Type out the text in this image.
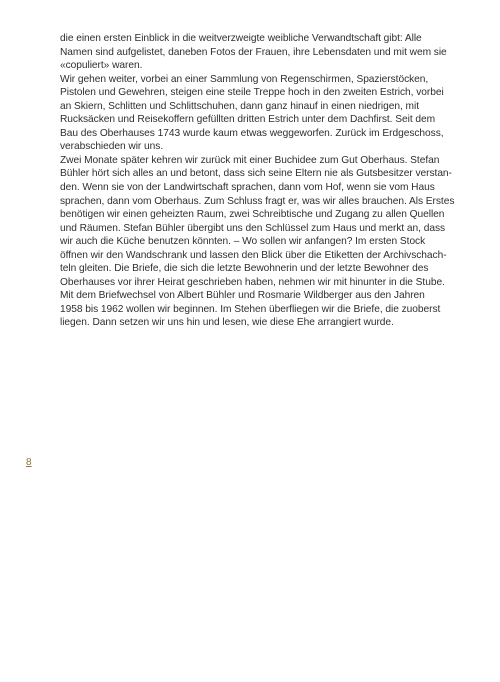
die einen ersten Einblick in die weitverzweigte weibliche Verwandtschaft gibt: Alle
Namen sind aufgelistet, daneben Fotos der Frauen, ihre Lebensdaten und mit wem sie
«copuliert» waren.
Wir gehen weiter, vorbei an einer Sammlung von Regenschirmen, Spazierstöcken,
Pistolen und Gewehren, steigen eine steile Treppe hoch in den zweiten Estrich, vorbei
an Skiern, Schlitten und Schlittschuhen, dann ganz hinauf in einen niedrigen, mit
Rucksäcken und Reisekoffern gefüllten dritten Estrich unter dem Dachfirst. Seit dem
Bau des Oberhauses 1743 wurde kaum etwas weggeworfen. Zurück im Erdgeschoss,
verabschieden wir uns.
Zwei Monate später kehren wir zurück mit einer Buchidee zum Gut Oberhaus. Stefan
Bühler hört sich alles an und betont, dass sich seine Eltern nie als Gutsbesitzer verstan-
den. Wenn sie von der Landwirtschaft sprachen, dann vom Hof, wenn sie vom Haus
sprachen, dann vom Oberhaus. Zum Schluss fragt er, was wir alles brauchen. Als Erstes
benötigen wir einen geheizten Raum, zwei Schreibtische und Zugang zu allen Quellen
und Räumen. Stefan Bühler übergibt uns den Schlüssel zum Haus und merkt an, dass
wir auch die Küche benutzen könnten. – Wo sollen wir anfangen? Im ersten Stock
öffnen wir den Wandschrank und lassen den Blick über die Etiketten der Archivschach-
teln gleiten. Die Briefe, die sich die letzte Bewohnerin und der letzte Bewohner des
Oberhauses vor ihrer Heirat geschrieben haben, nehmen wir mit hinunter in die Stube.
Mit dem Briefwechsel von Albert Bühler und Rosmarie Wildberger aus den Jahren
1958 bis 1962 wollen wir beginnen. Im Stehen überfliegen wir die Briefe, die zuoberst
liegen. Dann setzen wir uns hin und lesen, wie diese Ehe arrangiert wurde.
8
